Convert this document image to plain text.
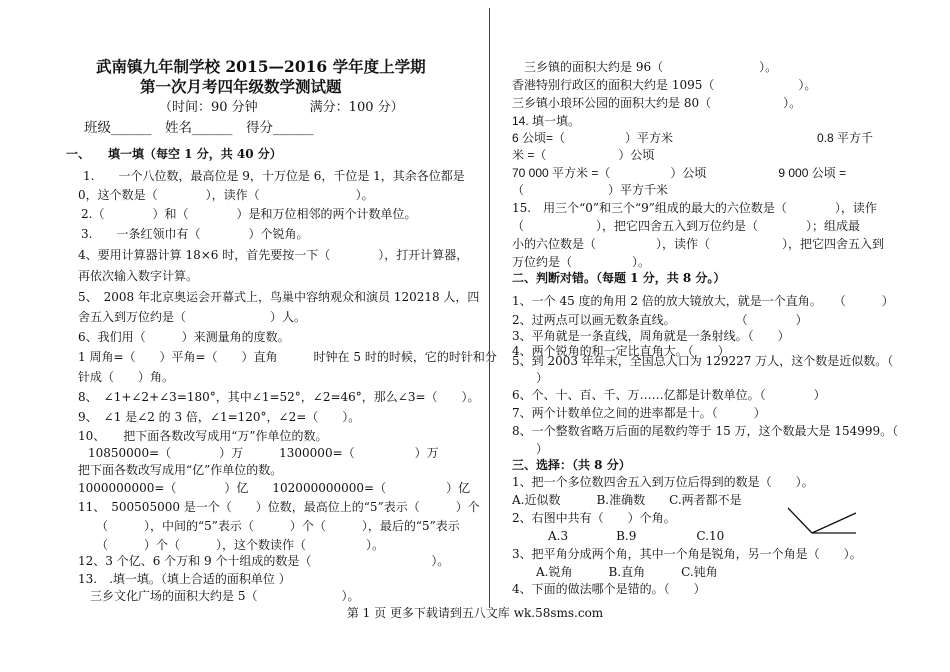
武南镇九年制学校 2015—2016 学年度上学期
第一次月考四年级数学测试题
（时间：90 分钟　　　　满分：100 分）
班级______　姓名______　得分______
一、　　填一填（每空 1 分，共 40 分）
1.　　一个八位数，最高位是 9，十万位是 6，千位是 1，其余各位都是
0，这个数是（　　　　），读作（　　　　　　　　）。
2.（　　　　）和（　　　　）是和万位相邻的两个计数单位。
3.　　一条红领巾有（　　　　）个锐角。
4、要用计算器计算 18×6 时，首先要按一下（　　　　），打开计算器，
再依次输入数字计算。
5、　2008 年北京奥运会开幕式上，鸟巢中容纳观众和演员 120218 人，四
舍五入到万位约是（　　　　　　　）人。
6、我们用（　　　）来测量角的度数。
1 周角=（　　）平角=（　　）直角　　　时钟在 5 时的时候，它的时针和分
针成（　　）角。
8、　∠1+∠2+∠3=180°，其中∠1=52°，∠2=46°，那么∠3=（　　）。
9、　∠1 是∠2 的 3 倍，∠1=120°，∠2=（　　）。
10、　　把下面各数改写成用“万”作单位的数。
　10850000=（　　　　）万　　　1300000=（　　　　　）万
把下面各数改写成用“亿”作单位的数。
1000000000=（　　　　）亿　　102000000000=（　　　　　）亿
11、　500505000 是一个（　　）位数，最高位上的“5”表示（　　　）个
　（　　　），中间的“5”表示（　　　）个（　　　），最后的“5”表示
　（　　　）个（　　　），这个数读作（　　　　　）。
12、3 个亿、6 个万和 9 个十组成的数是（　　　　　　　　　　）。
13.　.填一填。（填上合适的面积单位 ）
　三乡文化广场的面积大约是 5（　　　　　　　）。
三乡镇的面积大约是 96（　　　　　　　　）。
香港特别行政区的面积大约是 1095（　　　　　　　）。
三乡镇小琅环公园的面积大约是 80（　　　　　　）。
14. 填一填。
6 公顷=（　　　　　）平方米　　　　　　　　　　　　0.8 平方千
米 =（　　　　　　）公顷
70 000 平方米 =（　　　　　）公顷　　　　　　9 000 公顷 =
（　　　　　　　）平方千米
15.　用三个“0”和三个“9”组成的最大的六位数是（　　　　），读作
（　　　　　　），把它四舍五入到万位约是（　　　　）；组成最
小的六位数是（　　　　　），读作（　　　　　　），把它四舍五入到
万位约是（　　　　　）。
二、判断对错。（每题 1 分，共 8 分。）
1、一个 45 度的角用 2 倍的放大镜放大，就是一个直角。　　（　　　）
2、过两点可以画无数条直线。　　　　　　（　　　　）
3、平角就是一条直线，周角就是一条射线。（　　）
4、两个锐角的和一定比直角大。（　　）
5、到 2003 年年末，全国总人口为 129227 万人，这个数是近似数。（
　　）
6、个、十、百、千、万……亿都是计数单位。（　　　　）
7、两个计数单位之间的进率都是十。（　　　）
8、一个整数省略万后面的尾数约等于 15 万，这个数最大是 154999。（
　　）
三、选择：（共 8 分）
1、把一个多位数四舍五入到万位后得到的数是（　　）。
A.近似数　　　B.准确数　　C.两者都不是
2、右图中共有（　　）个角。
　　　A.3　　　　B.9　　　　　C.10
3、把平角分成两个角，其中一个角是锐角，另一个角是（　　）。
　　A.锐角　　　B.直角　　　C.钝角
4、下面的做法哪个是错的。（　　）
第 1 页 更多下载请到五八文库 wk.58sms.com
